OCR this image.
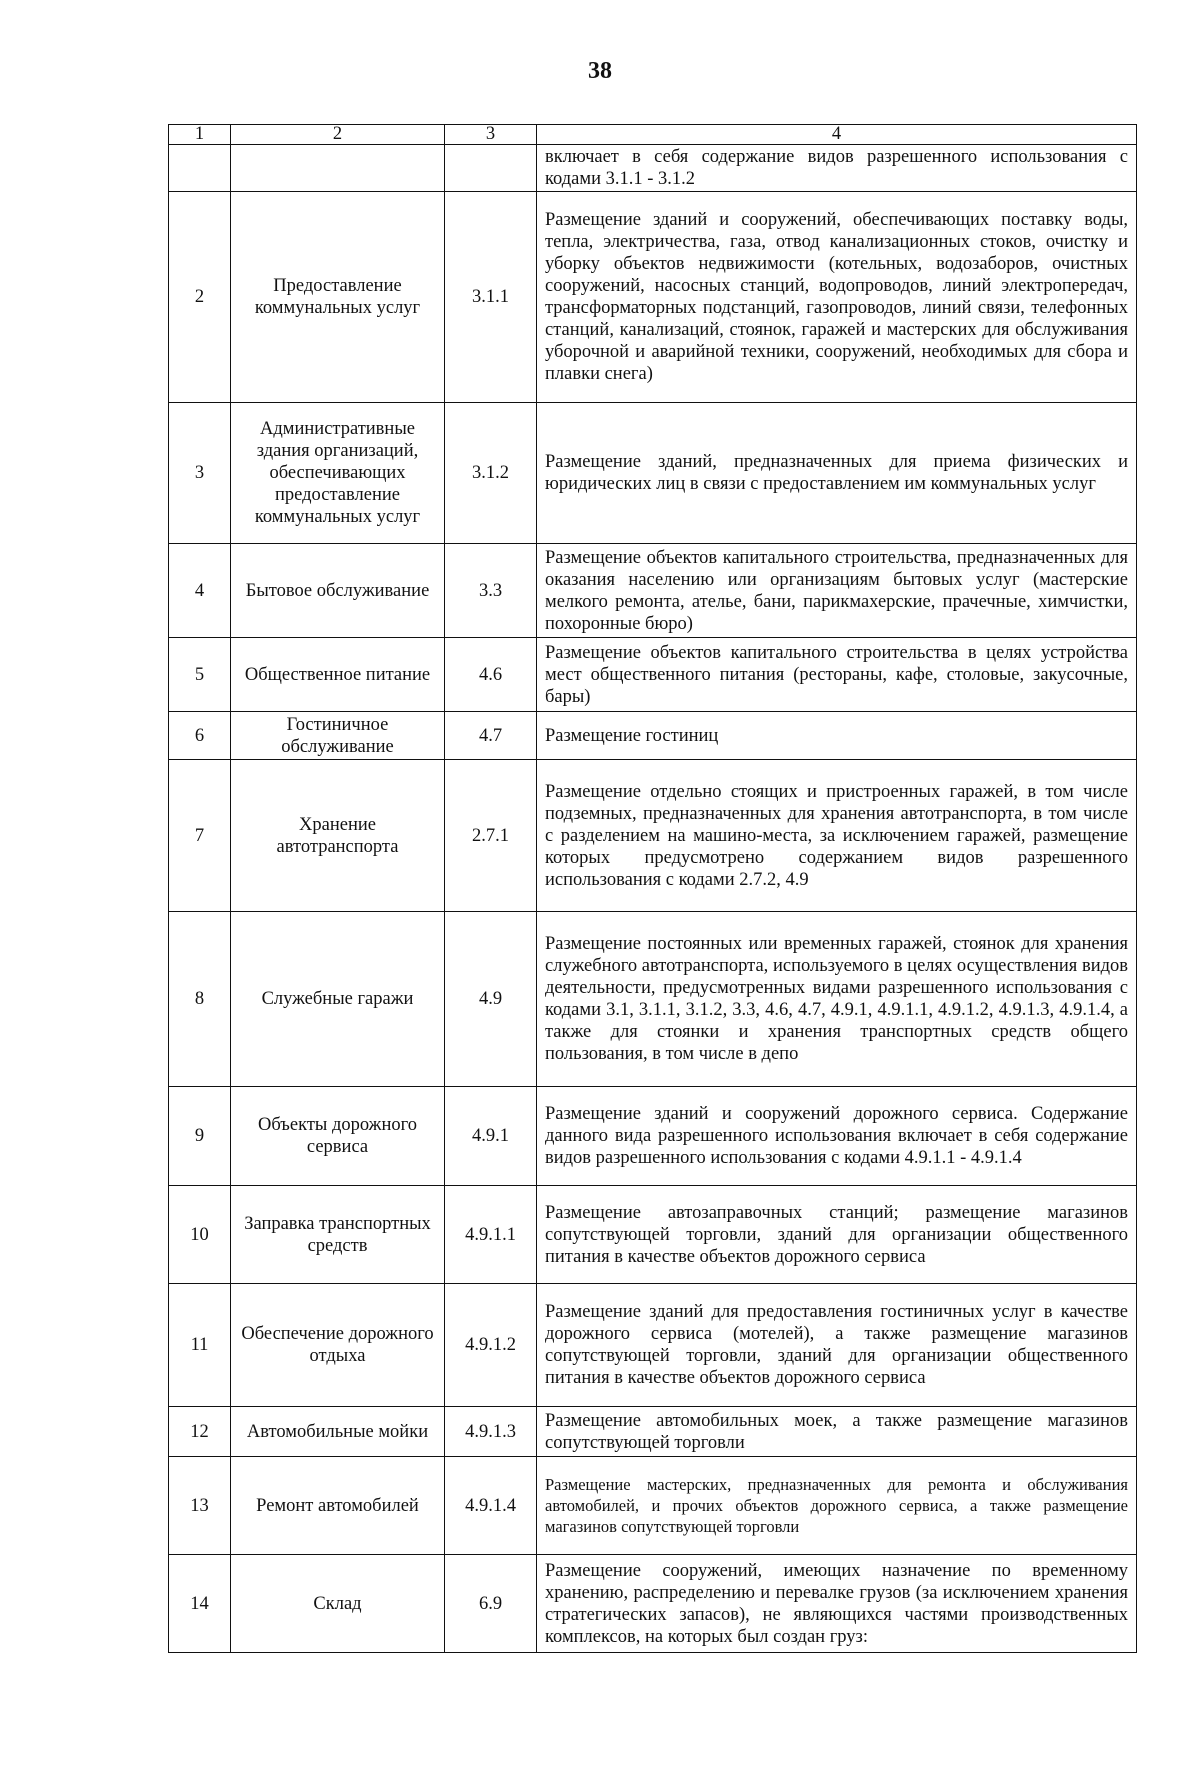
38
1	2	3	4
			включает в себя содержание видов разрешенного использования с кодами 3.1.1 - 3.1.2
2	Предоставление коммунальных услуг	3.1.1	Размещение зданий и сооружений, обеспечивающих поставку воды, тепла, электричества, газа, отвод канализационных стоков, очистку и уборку объектов недвижимости (котельных, водозаборов, очистных сооружений, насосных станций, водопроводов, линий электропередач, трансформаторных подстанций, газопроводов, линий связи, телефонных станций, канализаций, стоянок, гаражей и мастерских для обслуживания уборочной и аварийной техники, сооружений, необходимых для сбора и плавки снега)
3	Административные здания организаций, обеспечивающих предоставление коммунальных услуг	3.1.2	Размещение зданий, предназначенных для приема физических и юридических лиц в связи с предоставлением им коммунальных услуг
4	Бытовое обслуживание	3.3	Размещение объектов капитального строительства, предназначенных для оказания населению или организациям бытовых услуг (мастерские мелкого ремонта, ателье, бани, парикмахерские, прачечные, химчистки, похоронные бюро)
5	Общественное питание	4.6	Размещение объектов капитального строительства в целях устройства мест общественного питания (рестораны, кафе, столовые, закусочные, бары)
6	Гостиничное обслуживание	4.7	Размещение гостиниц
7	Хранение автотранспорта	2.7.1	Размещение отдельно стоящих и пристроенных гаражей, в том числе подземных, предназначенных для хранения автотранспорта, в том числе с разделением на машино-места, за исключением гаражей, размещение которых предусмотрено содержанием видов разрешенного использования с кодами 2.7.2, 4.9
8	Служебные гаражи	4.9	Размещение постоянных или временных гаражей, стоянок для хранения служебного автотранспорта, используемого в целях осуществления видов деятельности, предусмотренных видами разрешенного использования с кодами 3.1, 3.1.1, 3.1.2, 3.3, 4.6, 4.7, 4.9.1, 4.9.1.1, 4.9.1.2, 4.9.1.3, 4.9.1.4, а также для стоянки и хранения транспортных средств общего пользования, в том числе в депо
9	Объекты дорожного сервиса	4.9.1	Размещение зданий и сооружений дорожного сервиса. Содержание данного вида разрешенного использования включает в себя содержание видов разрешенного использования с кодами 4.9.1.1 - 4.9.1.4
10	Заправка транспортных средств	4.9.1.1	Размещение автозаправочных станций; размещение магазинов сопутствующей торговли, зданий для организации общественного питания в качестве объектов дорожного сервиса
11	Обеспечение дорожного отдыха	4.9.1.2	Размещение зданий для предоставления гостиничных услуг в качестве дорожного сервиса (мотелей), а также размещение магазинов сопутствующей торговли, зданий для организации общественного питания в качестве объектов дорожного сервиса
12	Автомобильные мойки	4.9.1.3	Размещение автомобильных моек, а также размещение магазинов сопутствующей торговли
13	Ремонт автомобилей	4.9.1.4	Размещение мастерских, предназначенных для ремонта и обслуживания автомобилей, и прочих объектов дорожного сервиса, а также размещение магазинов сопутствующей торговли
14	Склад	6.9	Размещение сооружений, имеющих назначение по временному хранению, распределению и перевалке грузов (за исключением хранения стратегических запасов), не являющихся частями производственных комплексов, на которых был создан груз:
